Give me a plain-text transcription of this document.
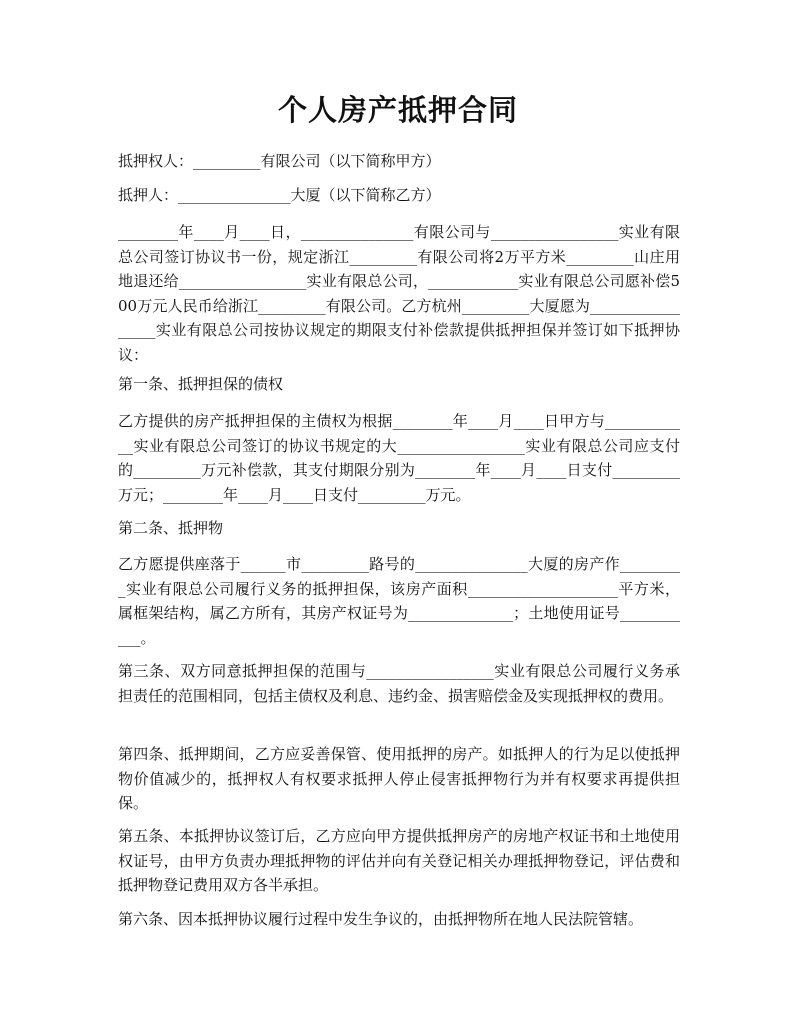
个人房产抵押合同

抵押权人：_________有限公司（以下简称甲方）

抵押人：_______________大厦（以下简称乙方）

________年____月____日，_______________有限公司与_________________实业有限总公司签订协议书一份，规定浙江_________有限公司将2万平方米_________山庄用地退还给_________________实业有限总公司，____________实业有限总公司愿补偿500万元人民币给浙江_________有限公司。乙方杭州_________大厦愿为_________________实业有限总公司按协议规定的期限支付补偿款提供抵押担保并签订如下抵押协议：

第一条、抵押担保的债权

乙方提供的房产抵押担保的主债权为根据________年____月____日甲方与____________实业有限总公司签订的协议书规定的大_________________实业有限总公司应支付的_________万元补偿款，其支付期限分别为________年____月____日支付_________万元；________年____月____日支付_________万元。

第二条、抵押物

乙方愿提供座落于______市_________路号的_______________大厦的房产作_________实业有限总公司履行义务的抵押担保，该房产面积____________________平方米，属框架结构，属乙方所有，其房产权证号为______________；土地使用证号___________。

第三条、双方同意抵押担保的范围与_________________实业有限总公司履行义务承担责任的范围相同，包括主债权及利息、违约金、损害赔偿金及实现抵押权的费用。

第四条、抵押期间，乙方应妥善保管、使用抵押的房产。如抵押人的行为足以使抵押物价值减少的，抵押权人有权要求抵押人停止侵害抵押物行为并有权要求再提供担保。

第五条、本抵押协议签订后，乙方应向甲方提供抵押房产的房地产权证书和土地使用权证号，由甲方负责办理抵押物的评估并向有关登记相关办理抵押物登记，评估费和抵押物登记费用双方各半承担。

第六条、因本抵押协议履行过程中发生争议的，由抵押物所在地人民法院管辖。
